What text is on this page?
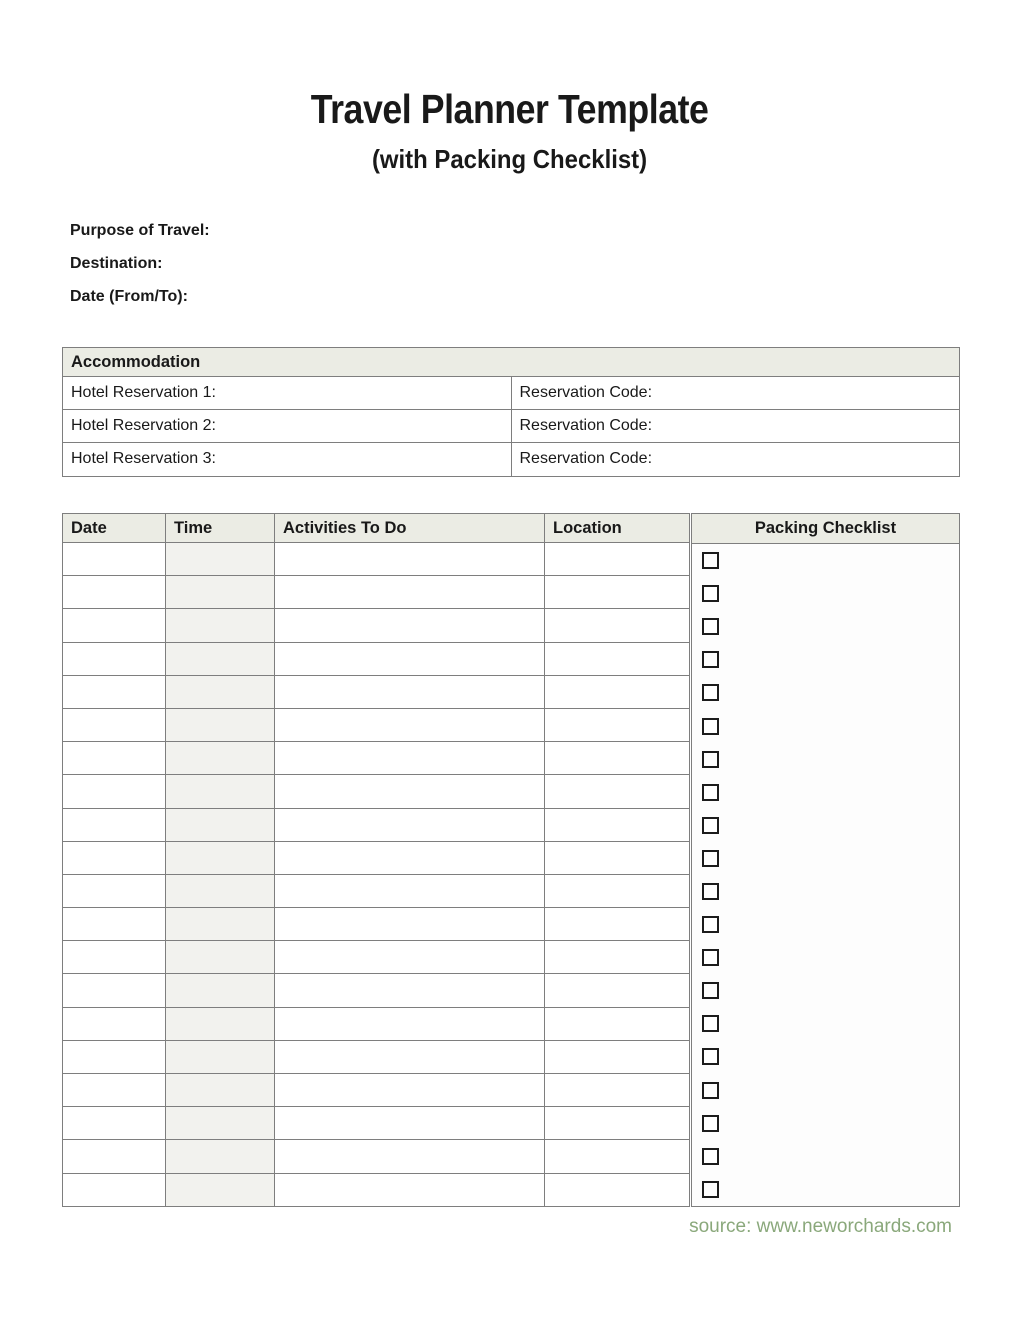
Travel Planner Template
(with Packing Checklist)
Purpose of Travel:
Destination:
Date (From/To):
Accommodation	
Hotel Reservation 1:	Reservation Code:
Hotel Reservation 2:	Reservation Code:
Hotel Reservation 3:	Reservation Code:
Date	Time	Activities To Do	Location

				Packing Checklist
source: www.neworchards.com
